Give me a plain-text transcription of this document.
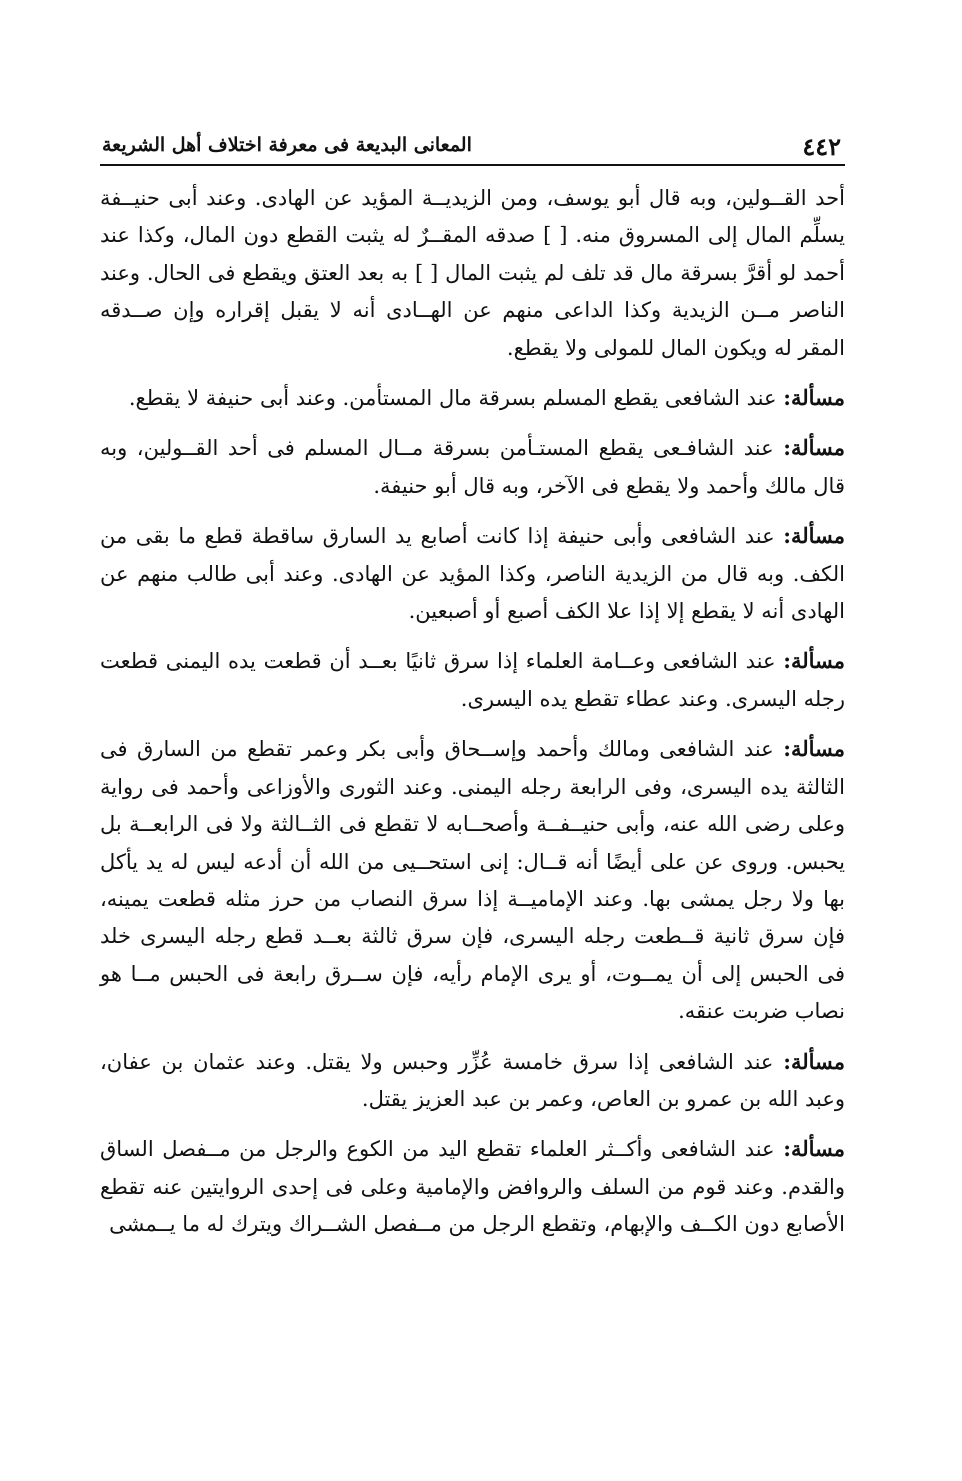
٤٤٢
المعانى البديعة فى معرفة اختلاف أهل الشريعة

أحد القــولين، وبه قال أبو يوسف، ومن الزيديــة المؤيد عن الهادى. وعند أبى حنيــفة يسلِّم المال إلى المسروق منه. [ ] صدقه المقــرٌ له يثبت القطع دون المال، وكذا عند أحمد لو أقرَّ بسرقة مال قد تلف لم يثبت المال [ ] به بعد العتق ويقطع فى الحال. وعند الناصر مــن الزيدية وكذا الداعى منهم عن الهــادى أنه لا يقبل إقراره وإن صــدقه المقر له ويكون المال للمولى ولا يقطع.

مسألة: عند الشافعى يقطع المسلم بسرقة مال المستأمن. وعند أبى حنيفة لا يقطع.

مسألة: عند الشافـعى يقطع المستـأمن بسرقة مــال المسلم فى أحد القــولين، وبه قال مالك وأحمد ولا يقطع فى الآخر، وبه قال أبو حنيفة.

مسألة: عند الشافعى وأبى حنيفة إذا كانت أصابع يد السارق ساقطة قطع ما بقى من الكف. وبه قال من الزيدية الناصر، وكذا المؤيد عن الهادى. وعند أبى طالب منهم عن الهادى أنه لا يقطع إلا إذا علا الكف أصبع أو أصبعين.

مسألة: عند الشافعى وعــامة العلماء إذا سرق ثانيًا بعــد أن قطعت يده اليمنى قطعت رجله اليسرى. وعند عطاء تقطع يده اليسرى.

مسألة: عند الشافعى ومالك وأحمد وإســحاق وأبى بكر وعمر تقطع من السارق فى الثالثة يده اليسرى، وفى الرابعة رجله اليمنى. وعند الثورى والأوزاعى وأحمد فى رواية وعلى رضى الله عنه، وأبى حنيــفــة وأصحــابه لا تقطع فى الثــالثة ولا فى الرابعــة بل يحبس. وروى عن على أيضًا أنه قــال: إنى استحــيى من الله أن أدعه ليس له يد يأكل بها ولا رجل يمشى بها. وعند الإماميــة إذا سرق النصاب من حرز مثله قطعت يمينه، فإن سرق ثانية قــطعت رجله اليسرى، فإن سرق ثالثة بعــد قطع رجله اليسرى خلد فى الحبس إلى أن يمــوت، أو يرى الإمام رأيه، فإن ســرق رابعة فى الحبس مــا هو نصاب ضربت عنقه.

مسألة: عند الشافعى إذا سرق خامسة عُزِّر وحبس ولا يقتل. وعند عثمان بن عفان، وعبد الله بن عمرو بن العاص، وعمر بن عبد العزيز يقتل.

مسألة: عند الشافعى وأكــثر العلماء تقطع اليد من الكوع والرجل من مــفصل الساق والقدم. وعند قوم من السلف والروافض والإمامية وعلى فى إحدى الروايتين عنه تقطع الأصابع دون الكــف والإبهام، وتقطع الرجل من مــفصل الشــراك ويترك له ما يــمشى
